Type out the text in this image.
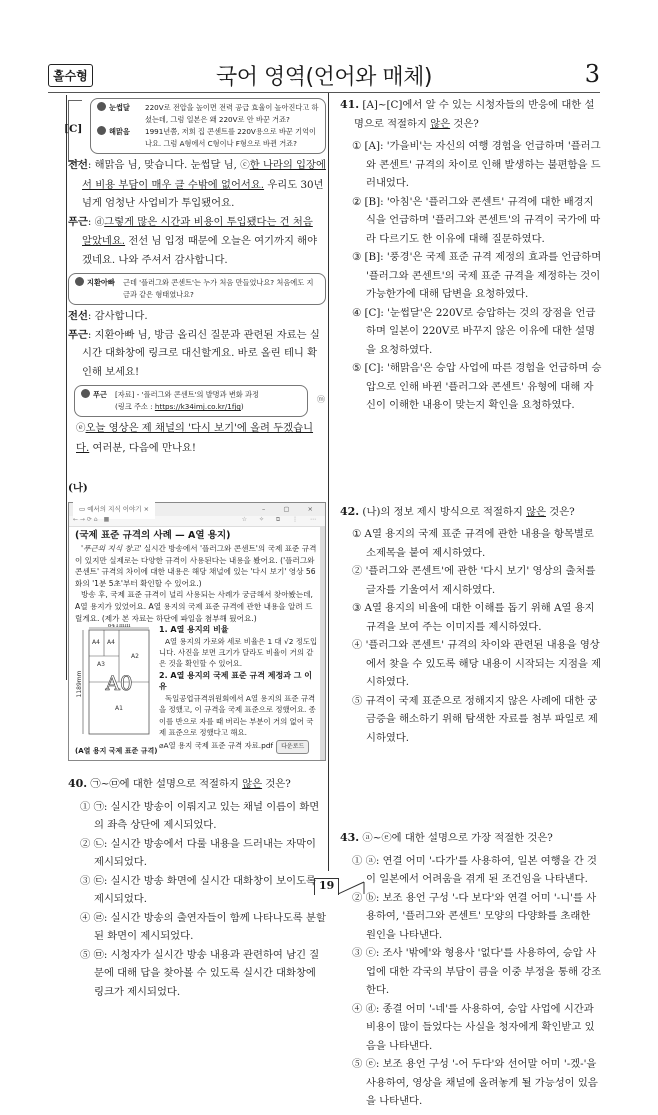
홀수형	국어 영역(언어와 매체)	3
[C]
눈썹달	220V로 전압을 높이면 전력 공급 효율이 높아진다고 하셨는데, 그럼 일본은 왜 220V로 안 바꾼 거죠?
해맑음	1991년쯤, 저희 집 콘센트를 220V용으로 바꾼 기억이 나요. 그럼 A형에서 C형이나 F형으로 바뀐 거죠?
전선: 해맑음 님, 맞습니다. 눈썹달 님, ⓒ한 나라의 입장에서 비용 부담이 매우 클 수밖에 없어서요. 우리도 30년 넘게 엄청난 사업비가 투입됐어요.
푸근: ⓓ그렇게 많은 시간과 비용이 투입됐다는 건 처음 알았네요. 전선 님 입정 때문에 오늘은 여기까지 해야겠네요. 나와 주셔서 감사합니다.
지환아빠	근데 '플러그와 콘센트'는 누가 처음 만들었나요? 처음에도 지금과 같은 형태였나요?
전선: 감사합니다.
푸근: 지환아빠 님, 방금 올리신 질문과 관련된 자료는 실시간 대화창에 링크로 대신할게요. 바로 올린 테니 확인해 보세요!
푸근	[자료] - '플러그와 콘센트'의 발명과 변화 과정
(링크 주소 : https://k34imj.co.kr/1fjg)
ⓜ
ⓔ오늘 영상은 제 채널의 '다시 보기'에 올려 두겠습니다. 여러분, 다음에 만나요!
(나)
▭ 예서의 지식 이야기 ×	– ▢ ×
← → ⟳ ⌂ ■	☆ ✧ ⧉ ⋮ ⋯
(국제 표준 규격의 사례 — A열 용지)

'푸근의 지식 창고' 실시간 방송에서 '플러그와 콘센트'의 국제 표준 규격이 있지만 실제로는 다양한 규격이 사용된다는 내용을 봤어요. ('플러그와 콘센트' 규격의 차이에 대한 내용은 해당 채널에 있는 '다시 보기' 영상 56화의 '1분 5초'부터 확인할 수 있어요.)

방송 후, 국제 표준 규격이 널리 사용되는 사례가 궁금해서 찾아봤는데, A열 용지가 있었어요. A열 용지의 국제 표준 규격에 관한 내용을 알려 드릴게요. (제가 본 자료는 하단에 파일을 첨부해 뒀어요.)

841mm
A4 A4
A3
A2
A1
A0
1189mm
(A열 용지 국제 표준 규격)
1. A열 용지의 비율

A열 용지의 가로와 세로 비율은 1 대 √2 정도입니다. 사진을 보면 크기가 달라도 비율이 거의 같은 것을 확인할 수 있어요.

2. A열 용지의 국제 표준 규격 제정과 그 이유

독일공업규격위원회에서 A열 용지의 표준 규격을 정했고, 이 규격을 국제 표준으로 정했어요. 종이를 반으로 자를 때 버리는 부분이 거의 없어 국제 표준으로 정했다고 해요.

⌀A열 용지 국제 표준 규격 자료.pdf 다운로드
40. ㉠~㉤에 대한 설명으로 적절하지 않은 것은?
① ㉠: 실시간 방송이 이뤄지고 있는 채널 이름이 화면의 좌측 상단에 제시되었다.
② ㉡: 실시간 방송에서 다룰 내용을 드러내는 자막이 제시되었다.
③ ㉢: 실시간 방송 화면에 실시간 대화창이 보이도록 제시되었다.
④ ㉣: 실시간 방송의 출연자들이 함께 나타나도록 분할된 화면이 제시되었다.
⑤ ㉤: 시청자가 실시간 방송 내용과 관련하여 남긴 질문에 대해 답을 찾아볼 수 있도록 실시간 대화창에 링크가 제시되었다.
41. [A]~[C]에서 알 수 있는 시청자들의 반응에 대한 설명으로 적절하지 않은 것은?
① [A]: '가을비'는 자신의 여행 경험을 언급하며 '플러그와 콘센트' 규격의 차이로 인해 발생하는 불편함을 드러내었다.
② [B]: '아침'은 '플러그와 콘센트' 규격에 대한 배경지식을 언급하며 '플러그와 콘센트'의 규격이 국가에 따라 다르기도 한 이유에 대해 질문하였다.
③ [B]: '풍경'은 국제 표준 규격 제정의 효과를 언급하며 '플러그와 콘센트'의 국제 표준 규격을 제정하는 것이 가능한가에 대해 답변을 요청하였다.
④ [C]: '눈썹달'은 220V로 승압하는 것의 장점을 언급하며 일본이 220V로 바꾸지 않은 이유에 대한 설명을 요청하였다.
⑤ [C]: '해맑음'은 승압 사업에 따른 경험을 언급하며 승압으로 인해 바뀐 '플러그와 콘센트' 유형에 대해 자신이 이해한 내용이 맞는지 확인을 요청하였다.
42. (나)의 정보 제시 방식으로 적절하지 않은 것은?
① A열 용지의 국제 표준 규격에 관한 내용을 항목별로 소제목을 붙여 제시하였다.
② '플러그와 콘센트'에 관한 '다시 보기' 영상의 출처를 글자를 기울여서 제시하였다.
③ A열 용지의 비율에 대한 이해를 돕기 위해 A열 용지 규격을 보여 주는 이미지를 제시하였다.
④ '플러그와 콘센트' 규격의 차이와 관련된 내용을 영상에서 찾을 수 있도록 해당 내용이 시작되는 지점을 제시하였다.
⑤ 규격이 국제 표준으로 정해지지 않은 사례에 대한 궁금증을 해소하기 위해 탐색한 자료를 첨부 파일로 제시하였다.
43. ⓐ~ⓔ에 대한 설명으로 가장 적절한 것은?
① ⓐ: 연결 어미 '-다가'를 사용하여, 일본 여행을 간 것이 일본에서 어려움을 겪게 된 조건임을 나타낸다.
② ⓑ: 보조 용언 구성 '-다 보다'와 연결 어미 '-니'를 사용하여, '플러그와 콘센트' 모양의 다양화를 초래한 원인을 나타낸다.
③ ⓒ: 조사 '밖에'와 형용사 '없다'를 사용하여, 승압 사업에 대한 각국의 부담이 큼을 이중 부정을 통해 강조한다.
④ ⓓ: 종결 어미 '-네'를 사용하여, 승압 사업에 시간과 비용이 많이 들었다는 사실을 청자에게 확인받고 있음을 나타낸다.
⑤ ⓔ: 보조 용언 구성 '-어 두다'와 선어말 어미 '-겠-'을 사용하여, 영상을 채널에 올려놓게 될 가능성이 있음을 나타낸다.
19
